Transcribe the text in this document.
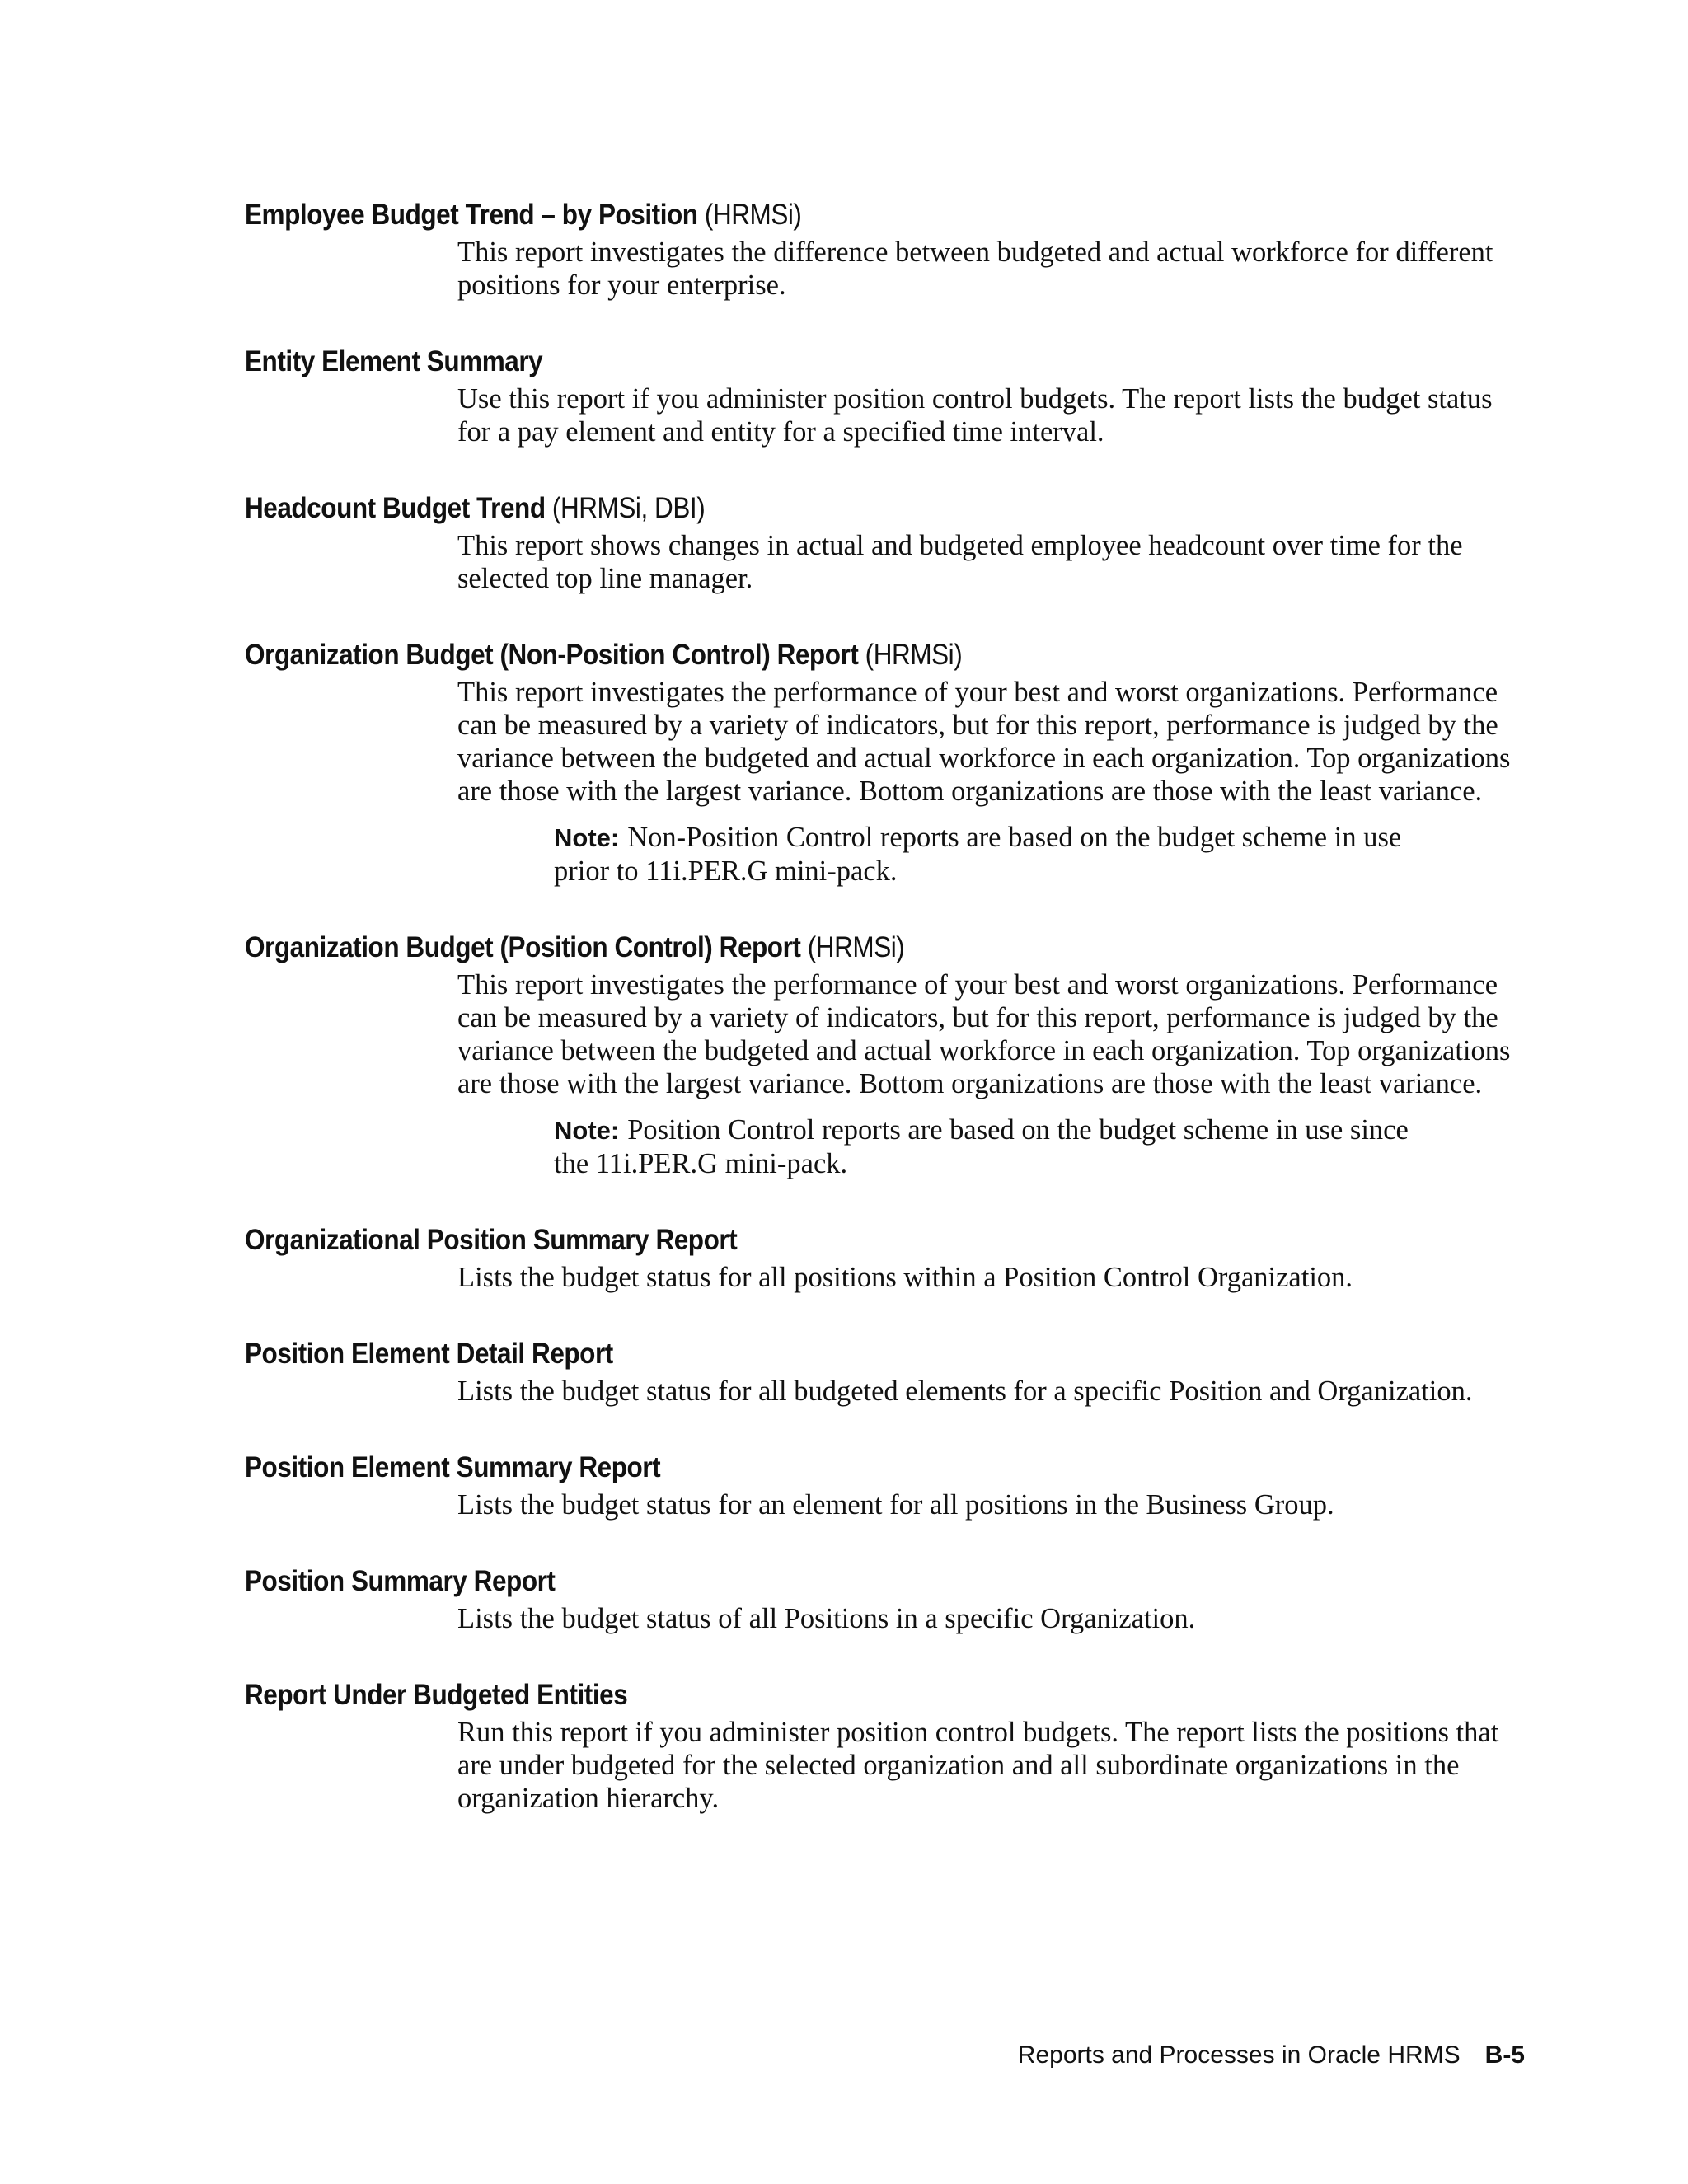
Employee Budget Trend – by Position (HRMSi)

This report investigates the difference between budgeted and actual workforce for different positions for your enterprise.

Entity Element Summary

Use this report if you administer position control budgets. The report lists the budget status for a pay element and entity for a specified time interval.

Headcount Budget Trend (HRMSi, DBI)

This report shows changes in actual and budgeted employee headcount over time for the selected top line manager.

Organization Budget (Non-Position Control) Report (HRMSi)

This report investigates the performance of your best and worst organizations. Performance can be measured by a variety of indicators, but for this report, performance is judged by the variance between the budgeted and actual workforce in each organization. Top organizations are those with the largest variance. Bottom organizations are those with the least variance.

Note: Non-Position Control reports are based on the budget scheme in use prior to 11i.PER.G mini-pack.

Organization Budget (Position Control) Report (HRMSi)

This report investigates the performance of your best and worst organizations. Performance can be measured by a variety of indicators, but for this report, performance is judged by the variance between the budgeted and actual workforce in each organization. Top organizations are those with the largest variance. Bottom organizations are those with the least variance.

Note: Position Control reports are based on the budget scheme in use since the 11i.PER.G mini-pack.

Organizational Position Summary Report

Lists the budget status for all positions within a Position Control Organization.

Position Element Detail Report

Lists the budget status for all budgeted elements for a specific Position and Organization.

Position Element Summary Report

Lists the budget status for an element for all positions in the Business Group.

Position Summary Report

Lists the budget status of all Positions in a specific Organization.

Report Under Budgeted Entities

Run this report if you administer position control budgets. The report lists the positions that are under budgeted for the selected organization and all subordinate organizations in the organization hierarchy.

Reports and Processes in Oracle HRMS B-5
